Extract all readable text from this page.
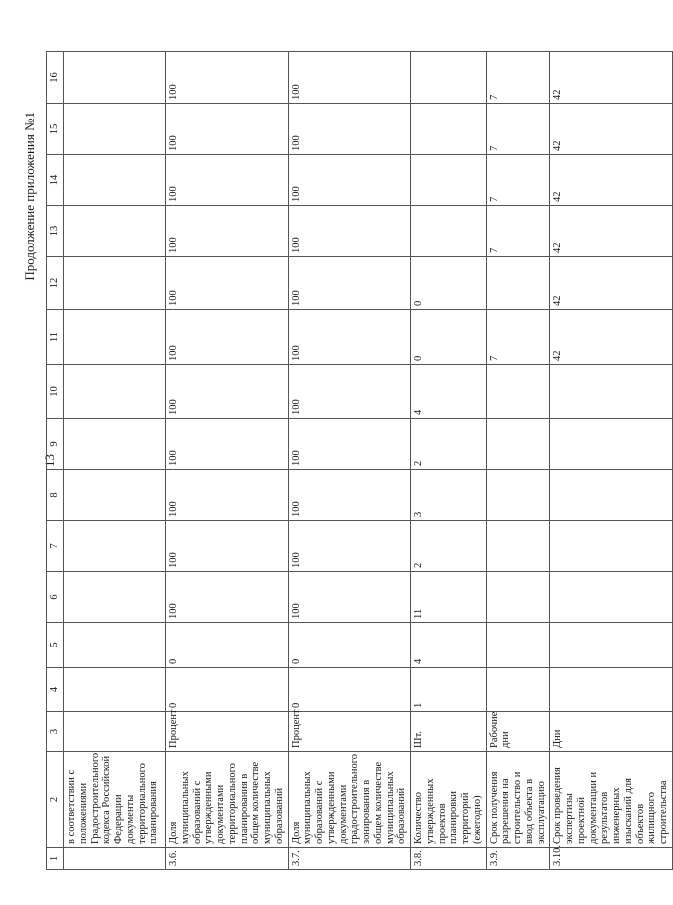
13
Продолжение приложения №1
1	2	3	4	5	6	7	8	9	10	11	12	13	14	15	16
	в соответствии с положениями Градостроительного кодекса Российской Федерации документы территориального планирования														
3.6.	Доля муниципальных образований с утвержденными документами территориального планирования в общем количестве муниципальных образований	Процент	0	0	100	100	100	100	100	100	100	100	100	100	100
3.7.	Доля муниципальных образований с утвержденными документами градостроительного зонирования в общем количестве муниципальных образований	Процент	0	0	100	100	100	100	100	100	100	100	100	100	100
3.8.	Количество утвержденных проектов планировки территорий (ежегодно)	Шт.	1	4	11	2	3	2	4	0	0				
3.9.	Срок получения разрешения на строительство и ввод объекта в эксплуатацию	Рабочие дни								7		7	7	7	7
3.10.	Срок проведения экспертизы проектной документации и результатов инженерных изысканий для объектов жилищного строительства	Дни								42	42	42	42	42	42
